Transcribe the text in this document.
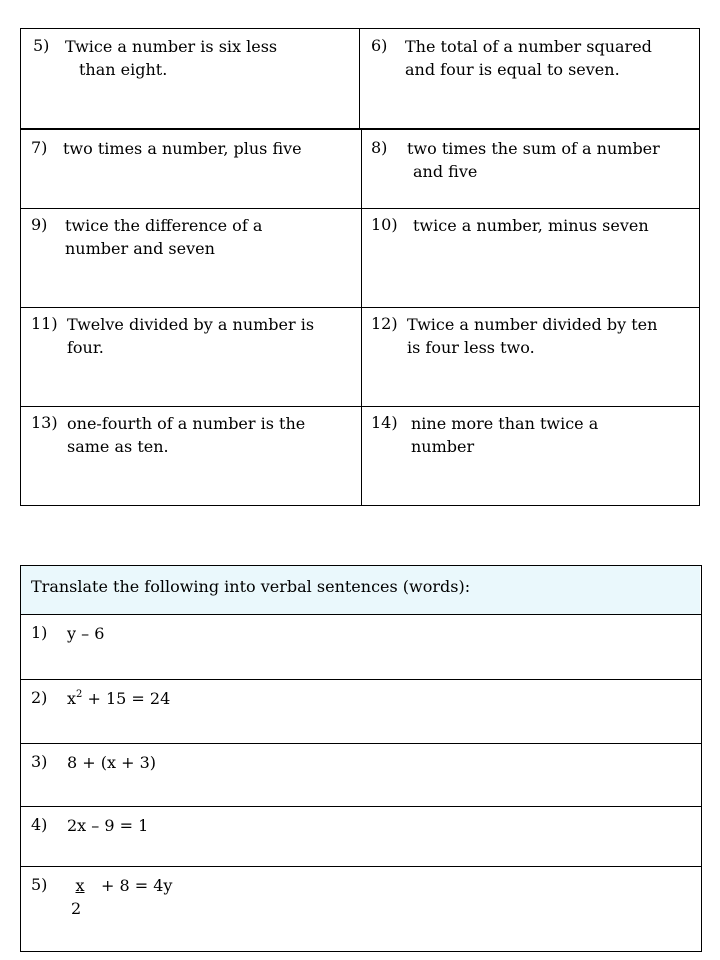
5) Twice a number is six less
than eight.
6) The total of a number squared
and four is equal to seven.
7) two times a number, plus five	8) two times the sum of a number
and five
9) twice the difference of a
number and seven
10) twice a number, minus seven
11) Twelve divided by a number is
four.
12) Twice a number divided by ten
is four less two.
13) one-fourth of a number is the
same as ten.
14) nine more than twice a
number
Translate the following into verbal sentences (words):
1) y – 6
2) $x^2 + 15 = 24$
3) 8 + (x + 3)
4) 2x – 9 = 1
5)	x
2
+ 8 = 4y
